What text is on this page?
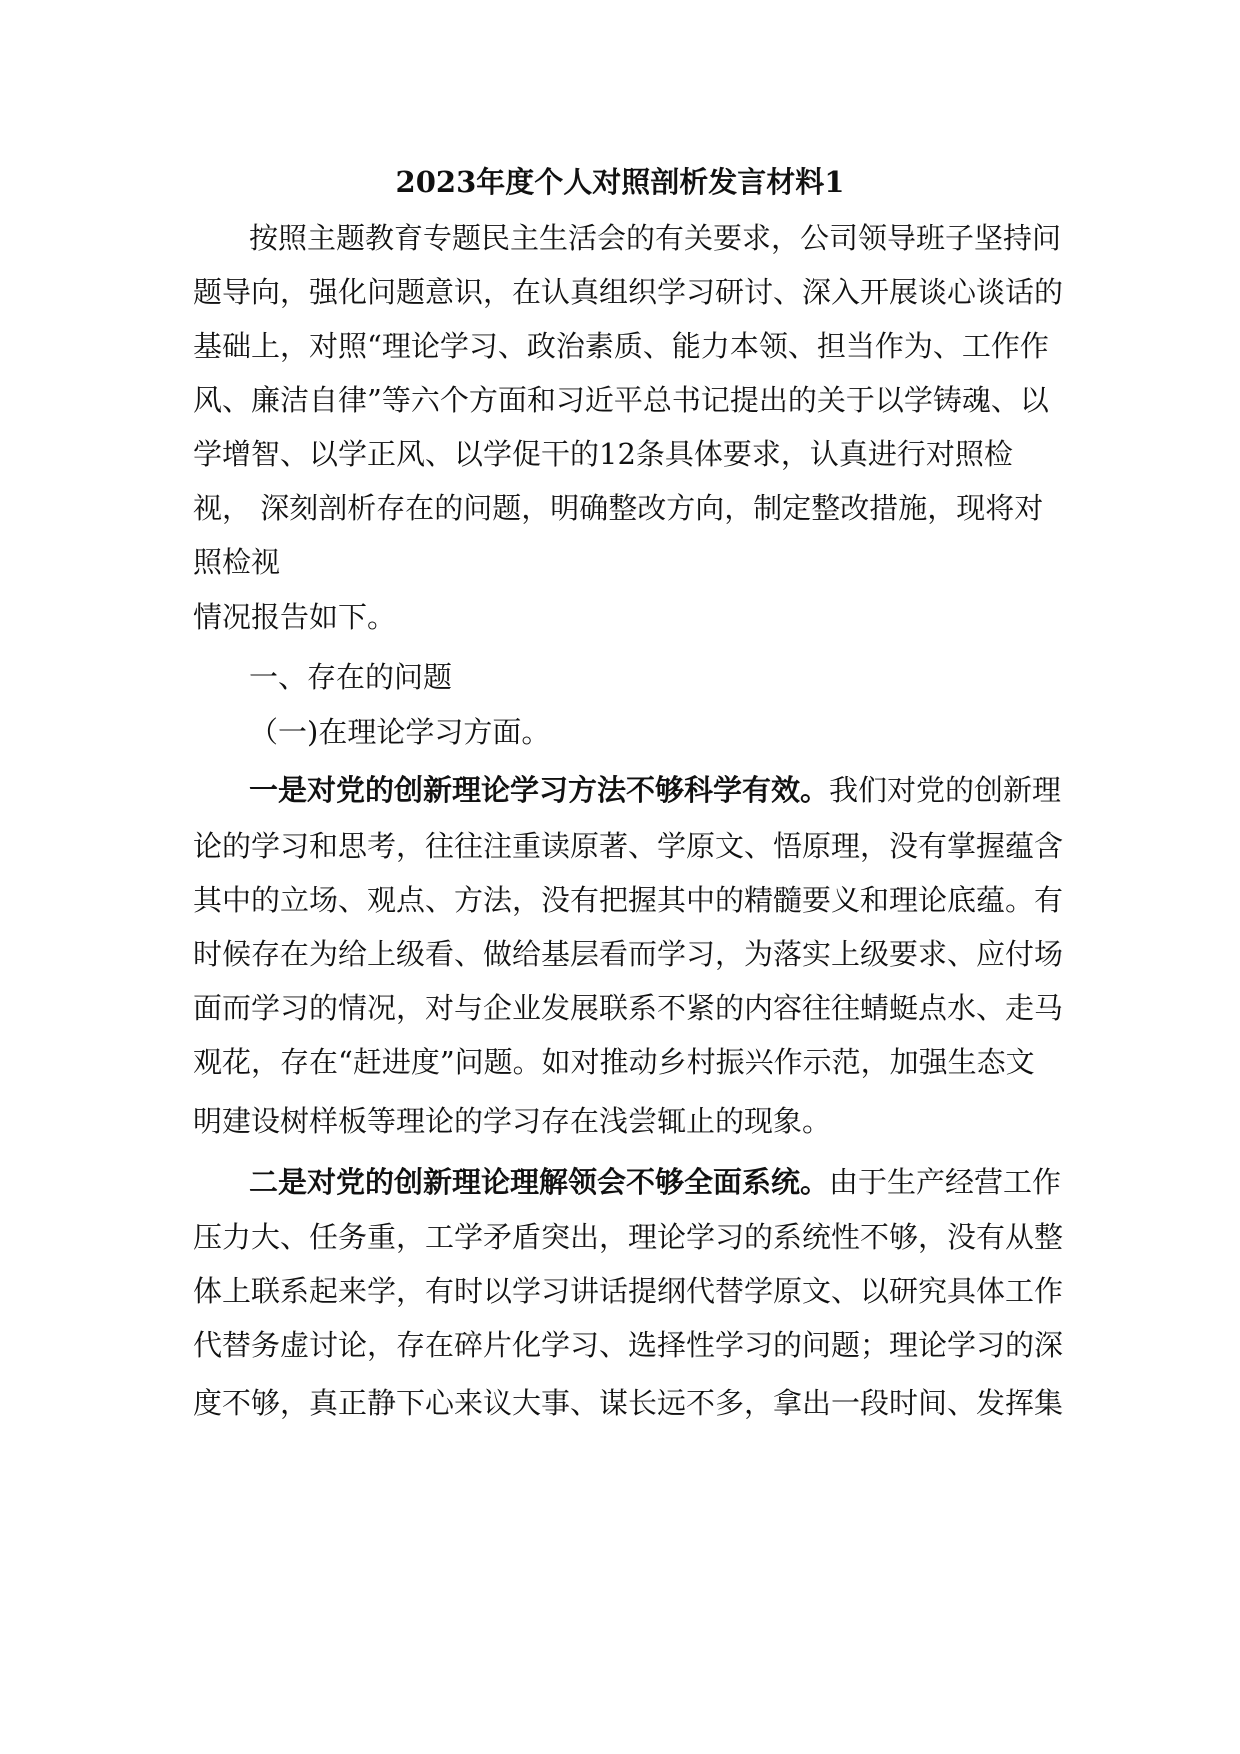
2023年度个人对照剖析发言材料1
按照主题教育专题民主生活会的有关要求，公司领导班子坚持问
题导向，强化问题意识，在认真组织学习研讨、深入开展谈心谈话的
基础上，对照“理论学习、政治素质、能力本领、担当作为、工作作
风、廉洁自律”等六个方面和习近平总书记提出的关于以学铸魂、以
学增智、以学正风、以学促干的12条具体要求，认真进行对照检
视， 深刻剖析存在的问题，明确整改方向，制定整改措施，现将对
照检视
情况报告如下。
一、存在的问题
（一)在理论学习方面。
一是对党的创新理论学习方法不够科学有效。我们对党的创新理
论的学习和思考，往往注重读原著、学原文、悟原理，没有掌握蕴含
其中的立场、观点、方法，没有把握其中的精髓要义和理论底蕴。有
时候存在为给上级看、做给基层看而学习，为落实上级要求、应付场
面而学习的情况，对与企业发展联系不紧的内容往往蜻蜓点水、走马
观花，存在“赶进度”问题。如对推动乡村振兴作示范，加强生态文
明建设树样板等理论的学习存在浅尝辄止的现象。
二是对党的创新理论理解领会不够全面系统。由于生产经营工作
压力大、任务重，工学矛盾突出，理论学习的系统性不够，没有从整
体上联系起来学，有时以学习讲话提纲代替学原文、以研究具体工作
代替务虚讨论，存在碎片化学习、选择性学习的问题；理论学习的深
度不够，真正静下心来议大事、谋长远不多，拿出一段时间、发挥集
